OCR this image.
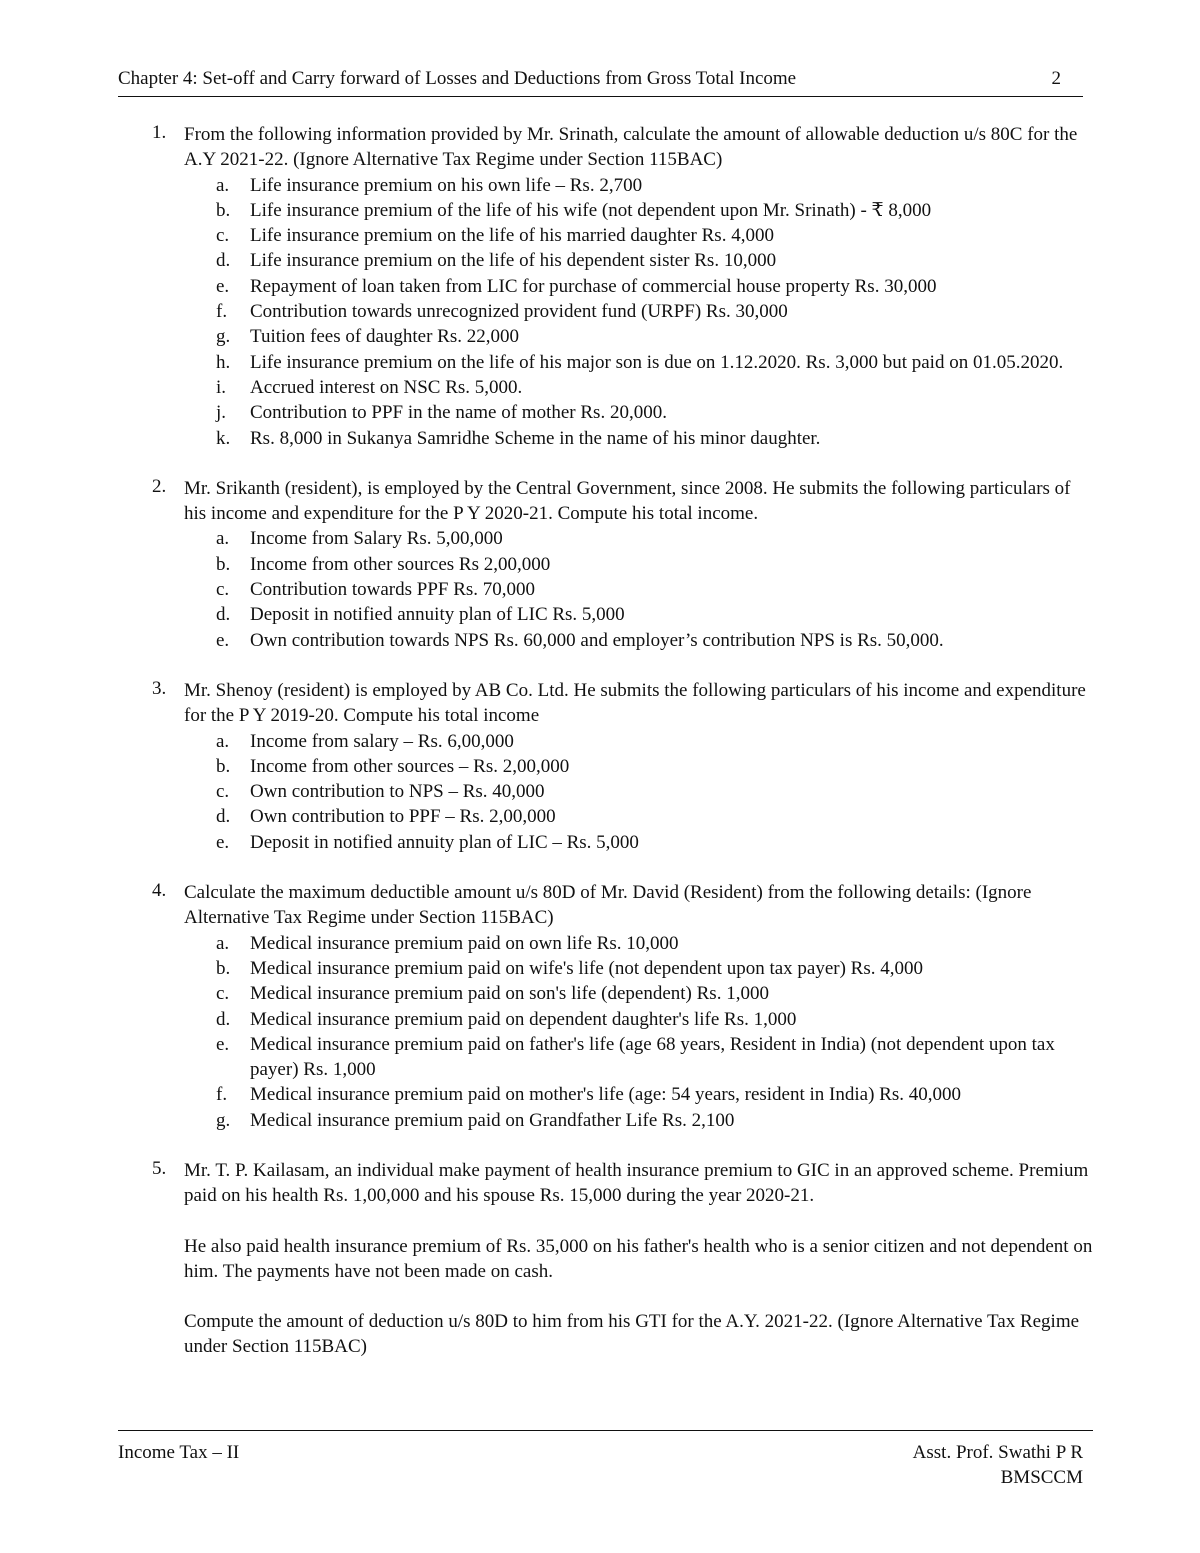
Chapter 4: Set-off and Carry forward of Losses and Deductions from Gross Total Income	2
1. From the following information provided by Mr. Srinath, calculate the amount of allowable deduction u/s 80C for the A.Y 2021-22. (Ignore Alternative Tax Regime under Section 115BAC)

a. Life insurance premium on his own life – Rs. 2,700
b. Life insurance premium of the life of his wife (not dependent upon Mr. Srinath) - ₹ 8,000
c. Life insurance premium on the life of his married daughter Rs. 4,000
d. Life insurance premium on the life of his dependent sister Rs. 10,000
e. Repayment of loan taken from LIC for purchase of commercial house property Rs. 30,000
f. Contribution towards unrecognized provident fund (URPF) Rs. 30,000
g. Tuition fees of daughter Rs. 22,000
h. Life insurance premium on the life of his major son is due on 1.12.2020. Rs. 3,000 but paid on 01.05.2020.
i. Accrued interest on NSC Rs. 5,000.
j. Contribution to PPF in the name of mother Rs. 20,000.
k. Rs. 8,000 in Sukanya Samridhe Scheme in the name of his minor daughter.
2. Mr. Srikanth (resident), is employed by the Central Government, since 2008. He submits the following particulars of his income and expenditure for the P Y 2020-21. Compute his total income.

a. Income from Salary Rs. 5,00,000
b. Income from other sources Rs 2,00,000
c. Contribution towards PPF Rs. 70,000
d. Deposit in notified annuity plan of LIC Rs. 5,000
e. Own contribution towards NPS Rs. 60,000 and employer’s contribution NPS is Rs. 50,000.
3. Mr. Shenoy (resident) is employed by AB Co. Ltd. He submits the following particulars of his income and expenditure for the P Y 2019-20. Compute his total income

a. Income from salary – Rs. 6,00,000
b. Income from other sources – Rs. 2,00,000
c. Own contribution to NPS – Rs. 40,000
d. Own contribution to PPF – Rs. 2,00,000
e. Deposit in notified annuity plan of LIC – Rs. 5,000
4. Calculate the maximum deductible amount u/s 80D of Mr. David (Resident) from the following details: (Ignore Alternative Tax Regime under Section 115BAC)

a. Medical insurance premium paid on own life Rs. 10,000
b. Medical insurance premium paid on wife's life (not dependent upon tax payer) Rs. 4,000
c. Medical insurance premium paid on son's life (dependent) Rs. 1,000
d. Medical insurance premium paid on dependent daughter's life Rs. 1,000
e. Medical insurance premium paid on father's life (age 68 years, Resident in India) (not dependent upon tax payer) Rs. 1,000
f. Medical insurance premium paid on mother's life (age: 54 years, resident in India) Rs. 40,000
g. Medical insurance premium paid on Grandfather Life Rs. 2,100
5. Mr. T. P. Kailasam, an individual make payment of health insurance premium to GIC in an approved scheme. Premium paid on his health Rs. 1,00,000 and his spouse Rs. 15,000 during the year 2020-21.

He also paid health insurance premium of Rs. 35,000 on his father's health who is a senior citizen and not dependent on him. The payments have not been made on cash.

Compute the amount of deduction u/s 80D to him from his GTI for the A.Y. 2021-22. (Ignore Alternative Tax Regime under Section 115BAC)

Income Tax – II	Asst. Prof. Swathi P R
BMSCCM
